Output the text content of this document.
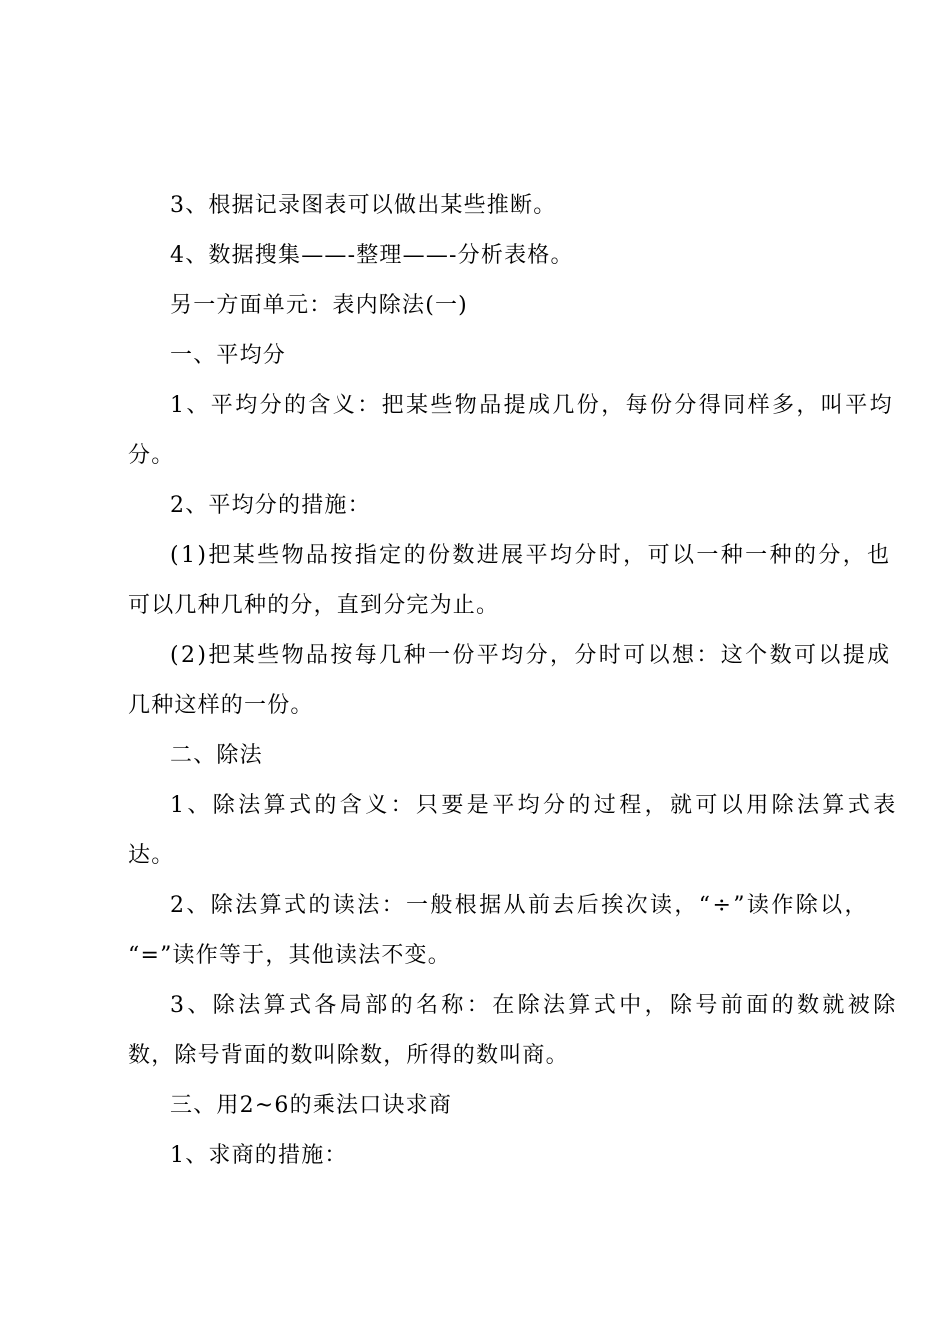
3、根据记录图表可以做出某些推断。

4、数据搜集——-整理——-分析表格。

另一方面单元：表内除法(一)

一、平均分

1、平均分的含义：把某些物品提成几份，每份分得同样多，叫平均

分。

2、平均分的措施：

(1)把某些物品按指定的份数进展平均分时，可以一种一种的分，也

可以几种几种的分，直到分完为止。

(2)把某些物品按每几种一份平均分，分时可以想：这个数可以提成

几种这样的一份。

二、除法

1、除法算式的含义：只要是平均分的过程，就可以用除法算式表

达。

2、除法算式的读法：一般根据从前去后挨次读，“÷”读作除以，

“=”读作等于，其他读法不变。

3、除法算式各局部的名称：在除法算式中，除号前面的数就被除

数，除号背面的数叫除数，所得的数叫商。

三、用2~6的乘法口诀求商

1、求商的措施：
